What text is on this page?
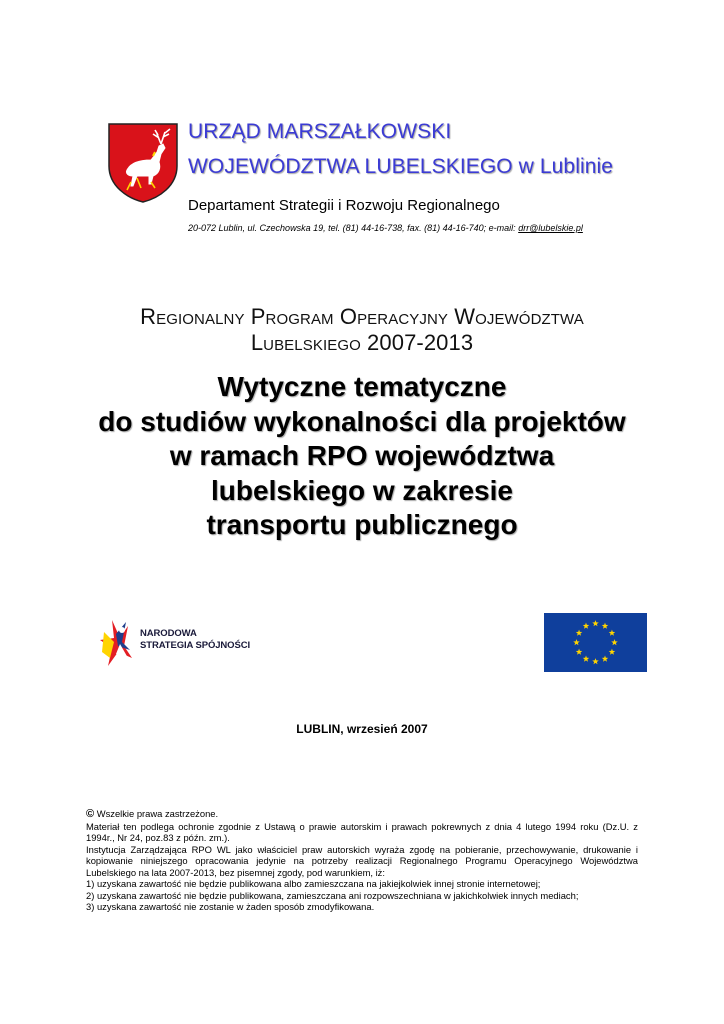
URZĄD MARSZAŁKOWSKI
WOJEWÓDZTWA LUBELSKIEGO w Lublinie
Departament Strategii i Rozwoju Regionalnego
20-072 Lublin, ul. Czechowska 19, tel. (81) 44-16-738, fax. (81) 44-16-740; e-mail: drr@lubelskie.pl
Regionalny Program Operacyjny Województwa
Lubelskiego 2007-2013
Wytyczne tematyczne
do studiów wykonalności dla projektów
w ramach RPO województwa
lubelskiego w zakresie
transportu publicznego
NARODOWA
STRATEGIA SPÓJNOŚCI
LUBLIN, wrzesień 2007

© Wszelkie prawa zastrzeżone.

Materiał ten podlega ochronie zgodnie z Ustawą o prawie autorskim i prawach pokrewnych z dnia 4 lutego 1994 roku (Dz.U. z 1994r., Nr 24, poz.83 z późn. zm.).

Instytucja Zarządzająca RPO WL jako właściciel praw autorskich wyraża zgodę na pobieranie, przechowywanie, drukowanie i kopiowanie niniejszego opracowania jedynie na potrzeby realizacji Regionalnego Programu Operacyjnego Województwa Lubelskiego na lata 2007-2013, bez pisemnej zgody, pod warunkiem, iż:

1) uzyskana zawartość nie będzie publikowana albo zamieszczana na jakiejkolwiek innej stronie internetowej;

2) uzyskana zawartość nie będzie publikowana, zamieszczana ani rozpowszechniana w jakichkolwiek innych mediach;

3) uzyskana zawartość nie zostanie w żaden sposób zmodyfikowana.
